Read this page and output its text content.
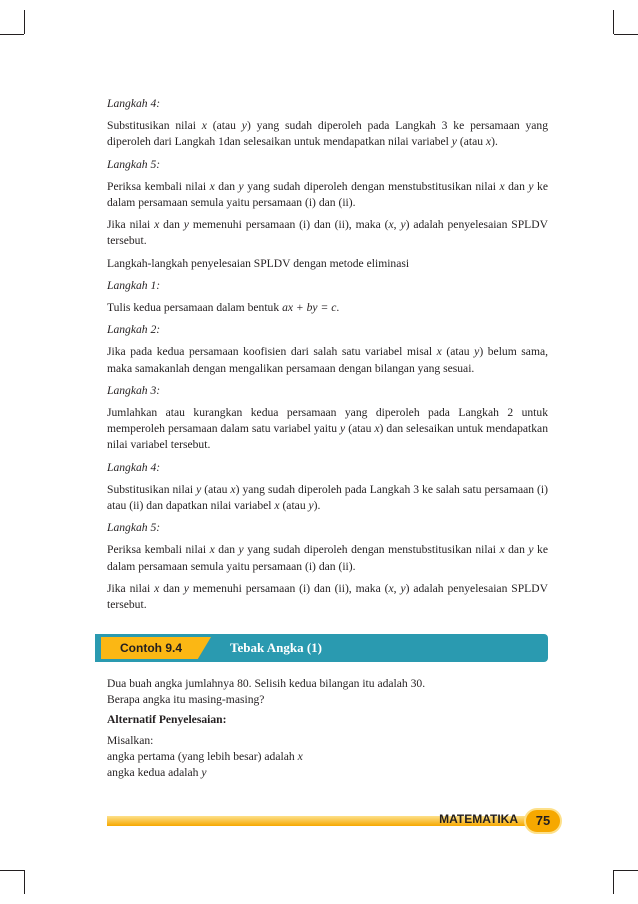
Langkah 4:

Substitusikan nilai x (atau y) yang sudah diperoleh pada Langkah 3 ke persamaan yang diperoleh dari Langkah 1dan selesaikan untuk mendapatkan nilai variabel y (atau x).

Langkah 5:

Periksa kembali nilai x dan y yang sudah diperoleh dengan menstubstitusikan nilai x dan y ke dalam persamaan semula yaitu persamaan (i) dan (ii).

Jika nilai x dan y memenuhi persamaan (i) dan (ii), maka (x, y) adalah penyelesaian SPLDV tersebut.

Langkah-langkah penyelesaian SPLDV dengan metode eliminasi

Langkah 1:

Tulis kedua persamaan dalam bentuk ax + by = c.

Langkah 2:

Jika pada kedua persamaan koofisien dari salah satu variabel misal x (atau y) belum sama, maka samakanlah dengan mengalikan persamaan dengan bilangan yang sesuai.

Langkah 3:

Jumlahkan atau kurangkan kedua persamaan yang diperoleh pada Langkah 2 untuk memperoleh persamaan dalam satu variabel yaitu y (atau x) dan selesaikan untuk mendapatkan nilai variabel tersebut.

Langkah 4:

Substitusikan nilai y (atau x) yang sudah diperoleh pada Langkah 3 ke salah satu persamaan (i) atau (ii) dan dapatkan nilai variabel x (atau y).

Langkah 5:

Periksa kembali nilai x dan y yang sudah diperoleh dengan menstubstitusikan nilai x dan y ke dalam persamaan semula yaitu persamaan (i) dan (ii).

Jika nilai x dan y memenuhi persamaan (i) dan (ii), maka (x, y) adalah penyelesaian SPLDV tersebut.

Contoh 9.4	Tebak Angka (1)

Dua buah angka jumlahnya 80. Selisih kedua bilangan itu adalah 30.

Berapa angka itu masing-masing?

Alternatif Penyelesaian:

Misalkan:

angka pertama (yang lebih besar) adalah x

angka kedua adalah y

MATEMATIKA	75
